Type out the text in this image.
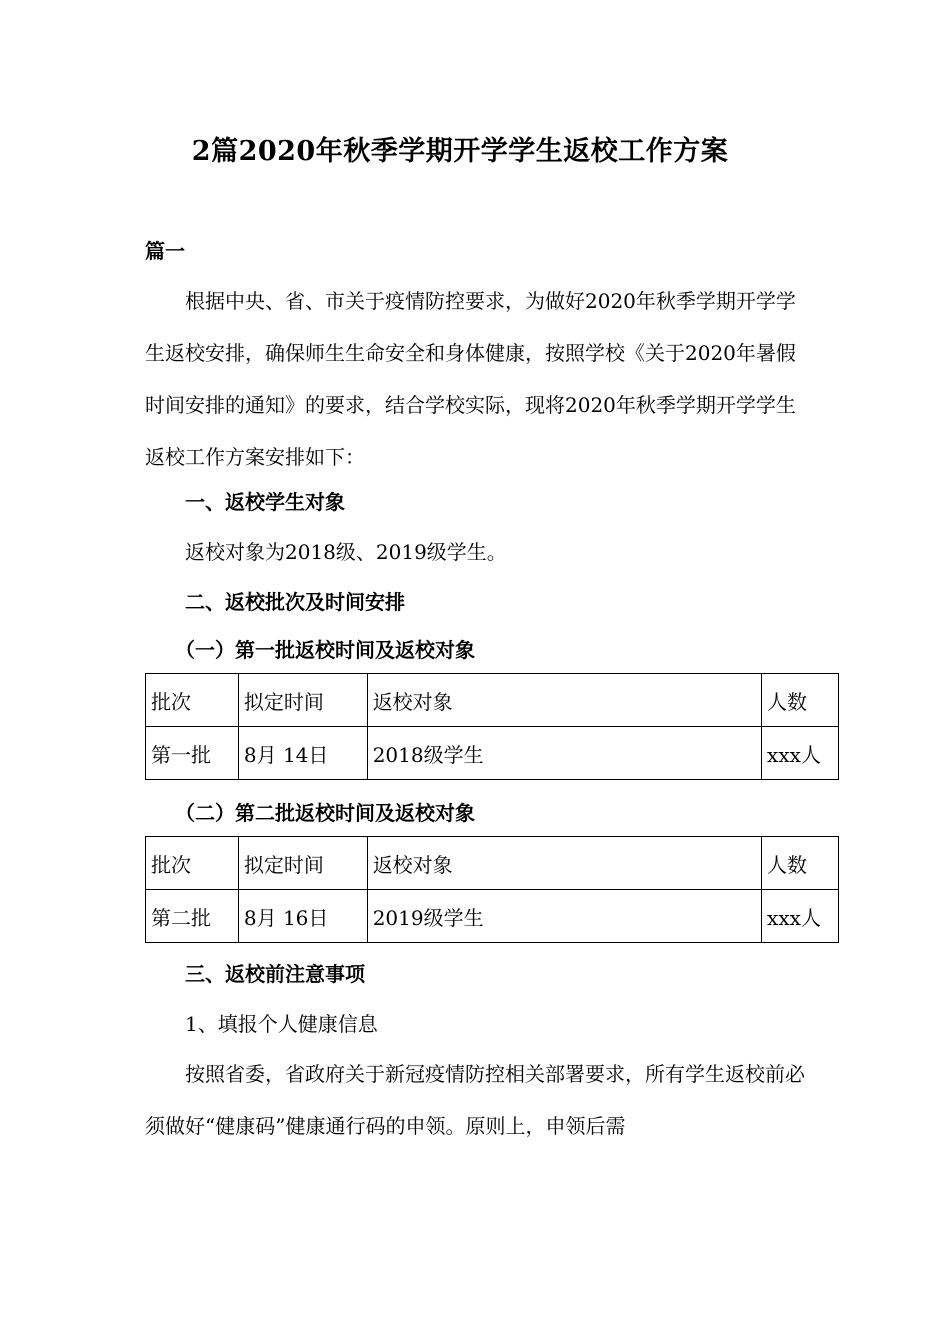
2篇2020年秋季学期开学学生返校工作方案

篇一

根据中央、省、市关于疫情防控要求，为做好2020年秋季学期开学学生返校安排，确保师生生命安全和身体健康，按照学校《关于2020年暑假时间安排的通知》的要求，结合学校实际，现将2020年秋季学期开学学生返校工作方案安排如下：

一、返校学生对象

返校对象为2018级、2019级学生。

二、返校批次及时间安排

（一）第一批返校时间及返校对象

批次	拟定时间	返校对象	人数
第一批	8月 14日	2018级学生	xxx人

（二）第二批返校时间及返校对象

批次	拟定时间	返校对象	人数
第二批	8月 16日	2019级学生	xxx人

三、返校前注意事项

1、填报个人健康信息

按照省委，省政府关于新冠疫情防控相关部署要求，所有学生返校前必须做好“健康码”健康通行码的申领。原则上，申领后需
